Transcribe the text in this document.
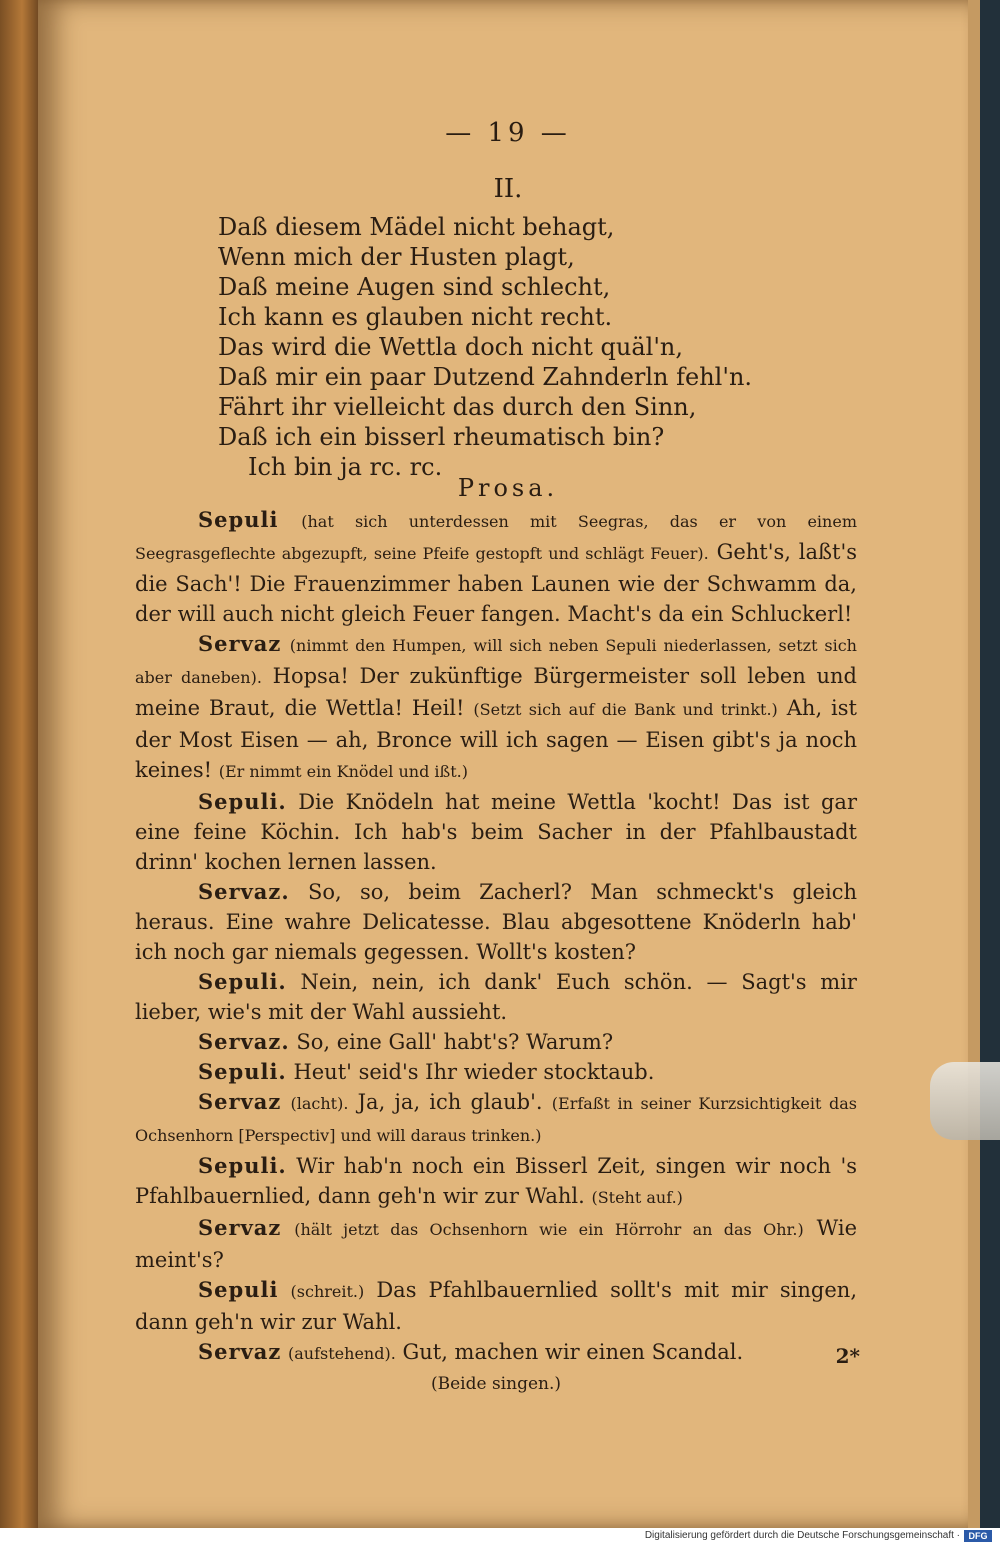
— 19 —
II.
Daß diesem Mädel nicht behagt,
Wenn mich der Husten plagt,
Daß meine Augen sind schlecht,
Ich kann es glauben nicht recht.
Das wird die Wettla doch nicht quäl'n,
Daß mir ein paar Dutzend Zahnderln fehl'n.
Fährt ihr vielleicht das durch den Sinn,
Daß ich ein bisserl rheumatisch bin?
Ich bin ja rc. rc.
Prosa.

Sepuli (hat sich unterdessen mit Seegras, das er von einem Seegrasgeflechte abgezupft, seine Pfeife gestopft und schlägt Feuer). Geht's, laßt's die Sach'! Die Frauenzimmer haben Launen wie der Schwamm da, der will auch nicht gleich Feuer fangen. Macht's da ein Schluckerl!

Servaz (nimmt den Humpen, will sich neben Sepuli niederlassen, setzt sich aber daneben). Hopsa! Der zukünftige Bürgermeister soll leben und meine Braut, die Wettla! Heil! (Setzt sich auf die Bank und trinkt.) Ah, ist der Most Eisen — ah, Bronce will ich sagen — Eisen gibt's ja noch keines! (Er nimmt ein Knödel und ißt.)

Sepuli. Die Knödeln hat meine Wettla 'kocht! Das ist gar eine feine Köchin. Ich hab's beim Sacher in der Pfahlbaustadt drinn' kochen lernen lassen.

Servaz. So, so, beim Zacherl? Man schmeckt's gleich heraus. Eine wahre Delicatesse. Blau abgesottene Knöderln hab' ich noch gar niemals gegessen. Wollt's kosten?

Sepuli. Nein, nein, ich dank' Euch schön. — Sagt's mir lieber, wie's mit der Wahl aussieht.

Servaz. So, eine Gall' habt's? Warum?

Sepuli. Heut' seid's Ihr wieder stocktaub.

Servaz (lacht). Ja, ja, ich glaub'. (Erfaßt in seiner Kurzsichtigkeit das Ochsenhorn [Perspectiv] und will daraus trinken.)

Sepuli. Wir hab'n noch ein Bisserl Zeit, singen wir noch 's Pfahlbauernlied, dann geh'n wir zur Wahl. (Steht auf.)

Servaz (hält jetzt das Ochsenhorn wie ein Hörrohr an das Ohr.) Wie meint's?

Sepuli (schreit.) Das Pfahlbauernlied sollt's mit mir singen, dann geh'n wir zur Wahl.

Servaz (aufstehend). Gut, machen wir einen Scandal.

(Beide singen.)

2*
Digitalisierung gefördert durch die Deutsche Forschungsgemeinschaft · DFG
